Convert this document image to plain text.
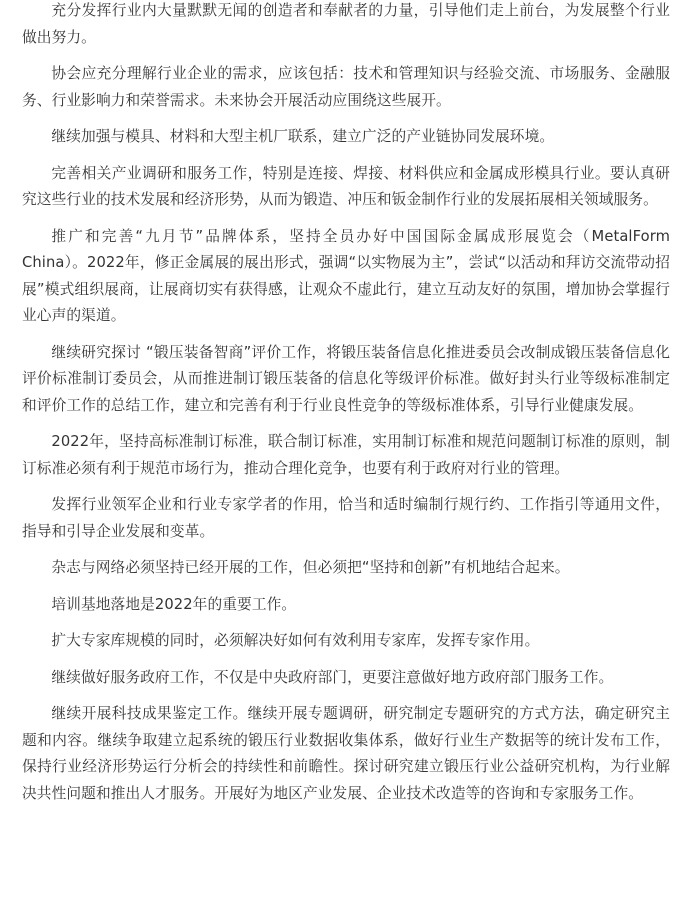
充分发挥行业内大量默默无闻的创造者和奉献者的力量，引导他们走上前台，为发展整个行业做出努力。

协会应充分理解行业企业的需求，应该包括：技术和管理知识与经验交流、市场服务、金融服务、行业影响力和荣誉需求。未来协会开展活动应围绕这些展开。

继续加强与模具、材料和大型主机厂联系，建立广泛的产业链协同发展环境。

完善相关产业调研和服务工作，特别是连接、焊接、材料供应和金属成形模具行业。要认真研究这些行业的技术发展和经济形势，从而为锻造、冲压和钣金制作行业的发展拓展相关领域服务。

推广和完善“九月节”品牌体系，坚持全员办好中国国际金属成形展览会（MetalForm China）。2022年，修正金属展的展出形式，强调“以实物展为主”，尝试“以活动和拜访交流带动招展”模式组织展商，让展商切实有获得感，让观众不虚此行，建立互动友好的氛围，增加协会掌握行业心声的渠道。

继续研究探讨 “锻压装备智商”评价工作，将锻压装备信息化推进委员会改制成锻压装备信息化评价标准制订委员会，从而推进制订锻压装备的信息化等级评价标准。做好封头行业等级标准制定和评价工作的总结工作，建立和完善有利于行业良性竞争的等级标准体系，引导行业健康发展。

2022年，坚持高标准制订标准，联合制订标准，实用制订标准和规范问题制订标准的原则，制订标准必须有利于规范市场行为，推动合理化竞争，也要有利于政府对行业的管理。

发挥行业领军企业和行业专家学者的作用，恰当和适时编制行规行约、工作指引等通用文件，指导和引导企业发展和变革。

杂志与网络必须坚持已经开展的工作，但必须把“坚持和创新”有机地结合起来。

培训基地落地是2022年的重要工作。

扩大专家库规模的同时，必须解决好如何有效利用专家库，发挥专家作用。

继续做好服务政府工作，不仅是中央政府部门，更要注意做好地方政府部门服务工作。

继续开展科技成果鉴定工作。继续开展专题调研，研究制定专题研究的方式方法，确定研究主题和内容。继续争取建立起系统的锻压行业数据收集体系，做好行业生产数据等的统计发布工作，保持行业经济形势运行分析会的持续性和前瞻性。探讨研究建立锻压行业公益研究机构，为行业解决共性问题和推出人才服务。开展好为地区产业发展、企业技术改造等的咨询和专家服务工作。
